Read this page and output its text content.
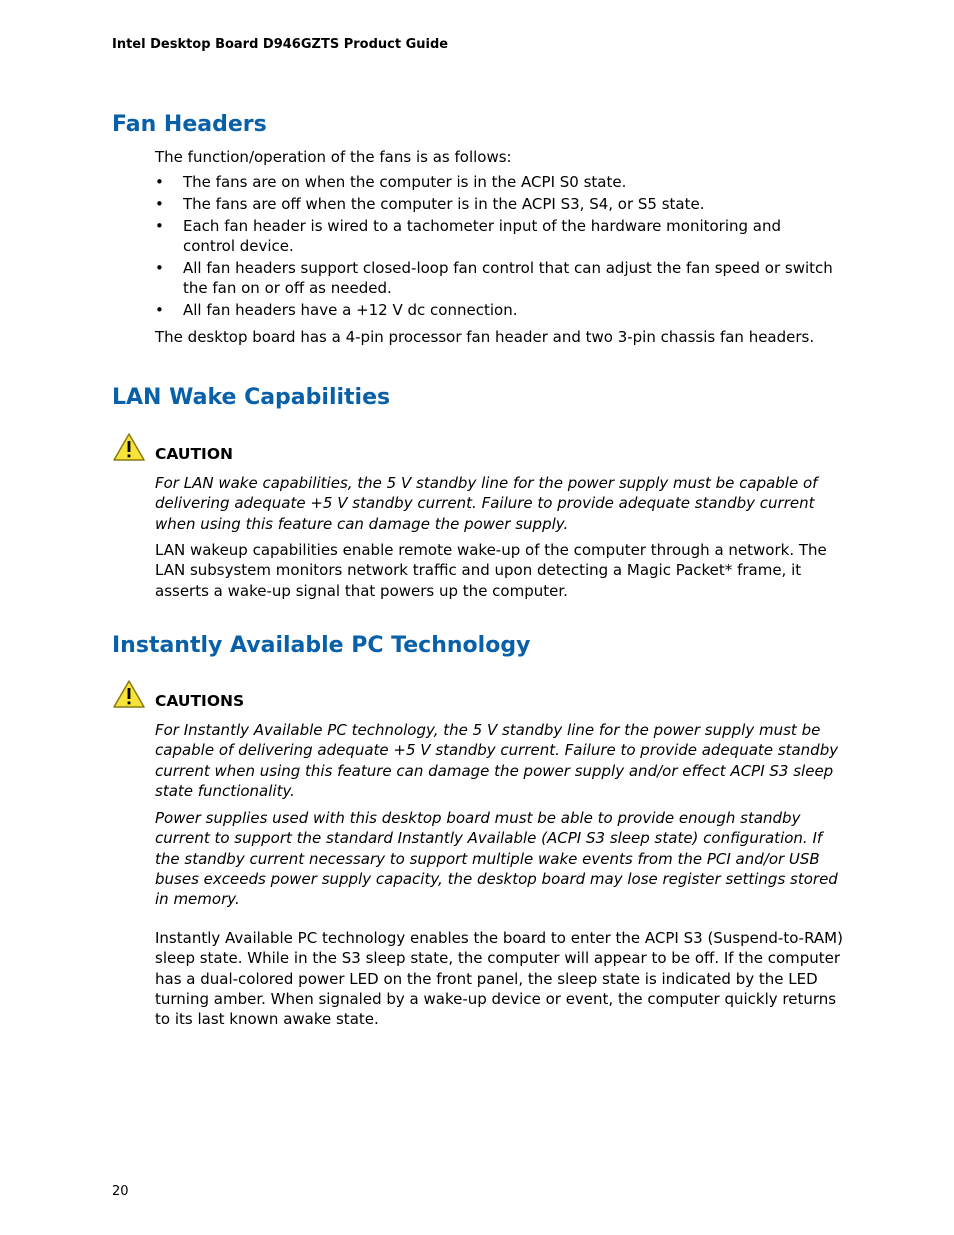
Intel Desktop Board D946GZTS Product Guide
Fan Headers

The function/operation of the fans is as follows:

• The fans are on when the computer is in the ACPI S0 state.
• The fans are off when the computer is in the ACPI S3, S4, or S5 state.
• Each fan header is wired to a tachometer input of the hardware monitoring and control device.
• All fan headers support closed-loop fan control that can adjust the fan speed or switch the fan on or off as needed.
• All fan headers have a +12 V dc connection.

The desktop board has a 4-pin processor fan header and two 3-pin chassis fan headers.

LAN Wake Capabilities
CAUTION

For LAN wake capabilities, the 5 V standby line for the power supply must be capable of delivering adequate +5 V standby current. Failure to provide adequate standby current when using this feature can damage the power supply.

LAN wakeup capabilities enable remote wake-up of the computer through a network. The LAN subsystem monitors network traffic and upon detecting a Magic Packet* frame, it asserts a wake-up signal that powers up the computer.

Instantly Available PC Technology
CAUTIONS

For Instantly Available PC technology, the 5 V standby line for the power supply must be capable of delivering adequate +5 V standby current. Failure to provide adequate standby current when using this feature can damage the power supply and/or effect ACPI S3 sleep state functionality.

Power supplies used with this desktop board must be able to provide enough standby current to support the standard Instantly Available (ACPI S3 sleep state) configuration. If the standby current necessary to support multiple wake events from the PCI and/or USB buses exceeds power supply capacity, the desktop board may lose register settings stored in memory.

Instantly Available PC technology enables the board to enter the ACPI S3 (Suspend-to-RAM) sleep state. While in the S3 sleep state, the computer will appear to be off. If the computer has a dual-colored power LED on the front panel, the sleep state is indicated by the LED turning amber. When signaled by a wake-up device or event, the computer quickly returns to its last known awake state.

20
